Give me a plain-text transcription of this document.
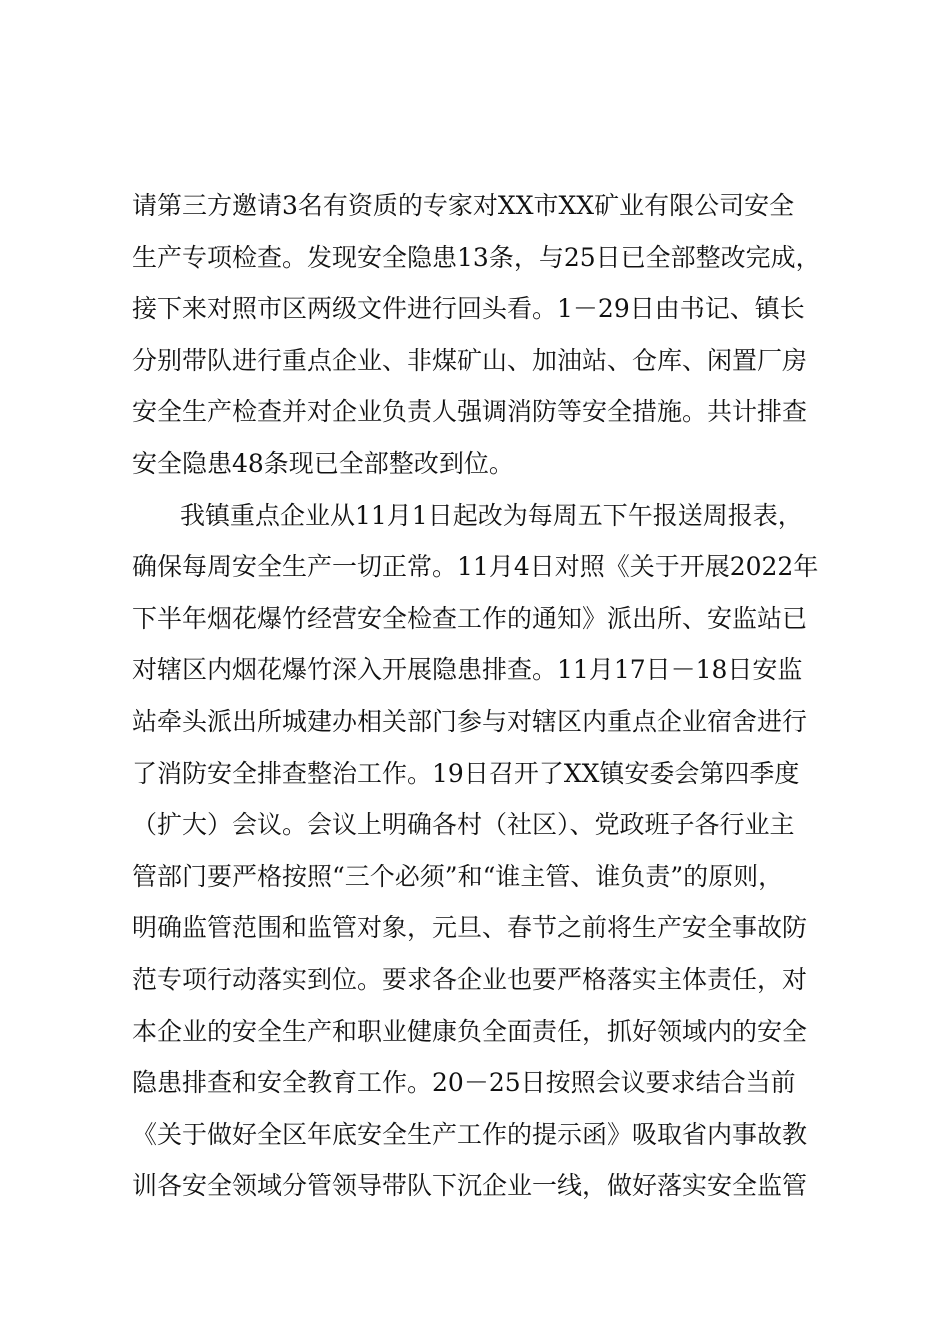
请第三方邀请3名有资质的专家对XX市XX矿业有限公司安全
生产专项检查。发现安全隐患13条，与25日已全部整改完成，
接下来对照市区两级文件进行回头看。1－29日由书记、镇长
分别带队进行重点企业、非煤矿山、加油站、仓库、闲置厂房
安全生产检查并对企业负责人强调消防等安全措施。共计排查
安全隐患48条现已全部整改到位。
我镇重点企业从11月1日起改为每周五下午报送周报表，
确保每周安全生产一切正常。11月4日对照《关于开展2022年
下半年烟花爆竹经营安全检查工作的通知》派出所、安监站已
对辖区内烟花爆竹深入开展隐患排查。11月17日－18日安监
站牵头派出所城建办相关部门参与对辖区内重点企业宿舍进行
了消防安全排查整治工作。19日召开了XX镇安委会第四季度
（扩大）会议。会议上明确各村（社区）、党政班子各行业主
管部门要严格按照“三个必须”和“谁主管、谁负责”的原则，
明确监管范围和监管对象，元旦、春节之前将生产安全事故防
范专项行动落实到位。要求各企业也要严格落实主体责任，对
本企业的安全生产和职业健康负全面责任，抓好领域内的安全
隐患排查和安全教育工作。20－25日按照会议要求结合当前
《关于做好全区年底安全生产工作的提示函》吸取省内事故教
训各安全领域分管领导带队下沉企业一线，做好落实安全监管
